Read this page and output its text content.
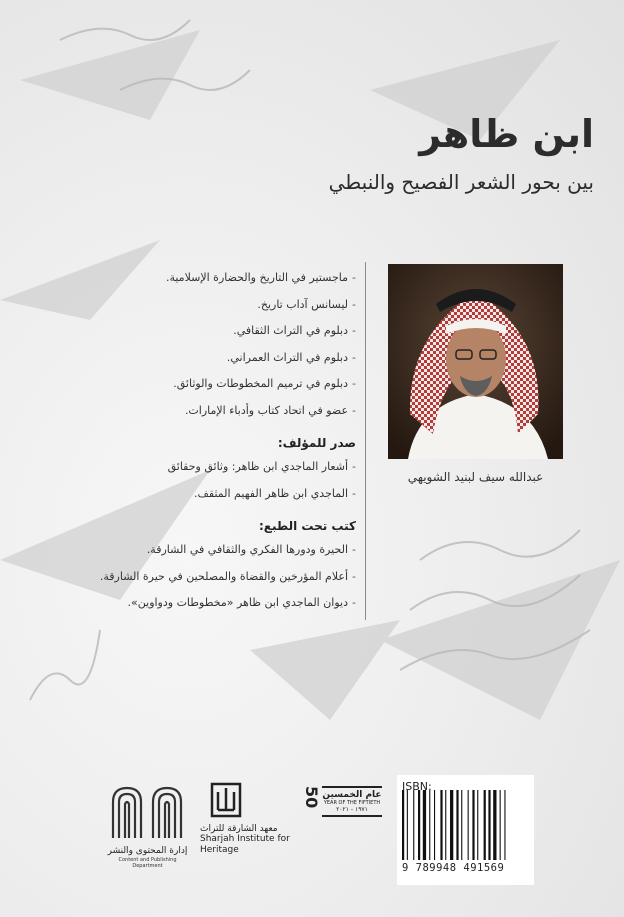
ابن ظاهر
بين بحور الشعر الفصيح والنبطي
-ماجستير في التاريخ والحضارة الإسلامية.
-ليسانس آداب تاريخ.
-دبلوم في التراث الثقافي.
-دبلوم في التراث العمراني.
-دبلوم في ترميم المخطوطات والوثائق.
-عضو في اتحاد كتاب وأدباء الإمارات.
صدر للمؤلف:
-أشعار الماجدي ابن ظاهر: وثائق وحقائق
-الماجدي ابن ظاهر الفهيم المثقف.
كتب تحت الطبع:
-الحيرة ودورها الفكري والثقافي في الشارقة.
-أعلام المؤرخين والقضاة والمصلحين في حيرة الشارقة.
-ديوان الماجدي ابن ظاهر «مخطوطات ودواوين».
عبدالله سيف لبنيد الشويهي
إدارة المحتوى والنشر
Content and Publishing Department
معهد الشارقة للتراث
Sharjah Institute for
Heritage
50 عام الخمسين
YEAR OF THE FIFTIETH
١٩٧١ - ٢٠٢١
ISBN:
9 789948 491569
